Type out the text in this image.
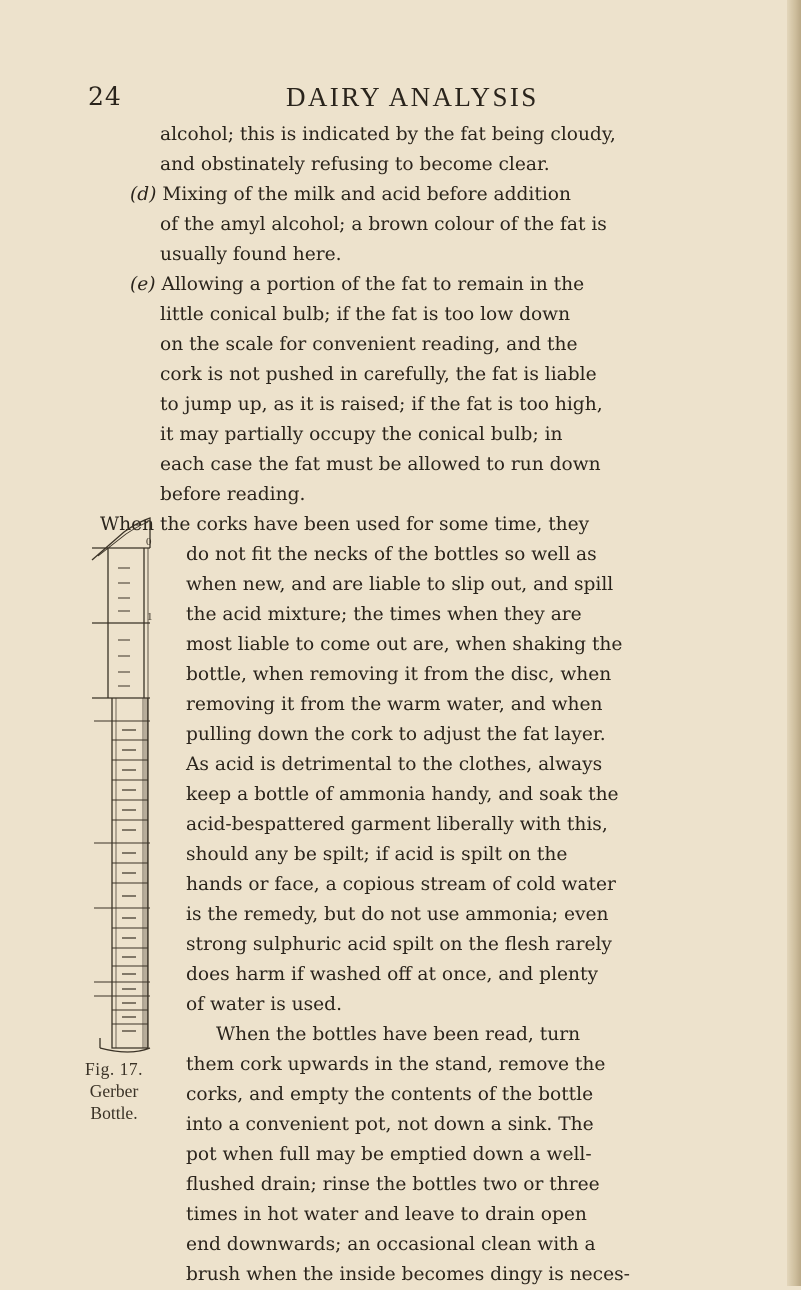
24	DAIRY ANALYSIS
alcohol; this is indicated by the fat being cloudy,
and obstinately refusing to become clear.
(d) Mixing of the milk and acid before addition
of the amyl alcohol; a brown colour of the fat is
usually found here.
(e) Allowing a portion of the fat to remain in the
little conical bulb; if the fat is too low down
on the scale for convenient reading, and the
cork is not pushed in carefully, the fat is liable
to jump up, as it is raised; if the fat is too high,
it may partially occupy the conical bulb; in
each case the fat must be allowed to run down
before reading.
When the corks have been used for some time, they
do not fit the necks of the bottles so well as
when new, and are liable to slip out, and spill
the acid mixture; the times when they are
most liable to come out are, when shaking the
bottle, when removing it from the disc, when
removing it from the warm water, and when
pulling down the cork to adjust the fat layer.
As acid is detrimental to the clothes, always
keep a bottle of ammonia handy, and soak the
acid-bespattered garment liberally with this,
should any be spilt; if acid is spilt on the
hands or face, a copious stream of cold water
is the remedy, but do not use ammonia; even
strong sulphuric acid spilt on the flesh rarely
does harm if washed off at once, and plenty
of water is used.
When the bottles have been read, turn
them cork upwards in the stand, remove the
corks, and empty the contents of the bottle
into a convenient pot, not down a sink. The
pot when full may be emptied down a well-
flushed drain; rinse the bottles two or three
times in hot water and leave to drain open
end downwards; an occasional clean with a
brush when the inside becomes dingy is neces-
0
1
Fig. 17.
Gerber
Bottle.
